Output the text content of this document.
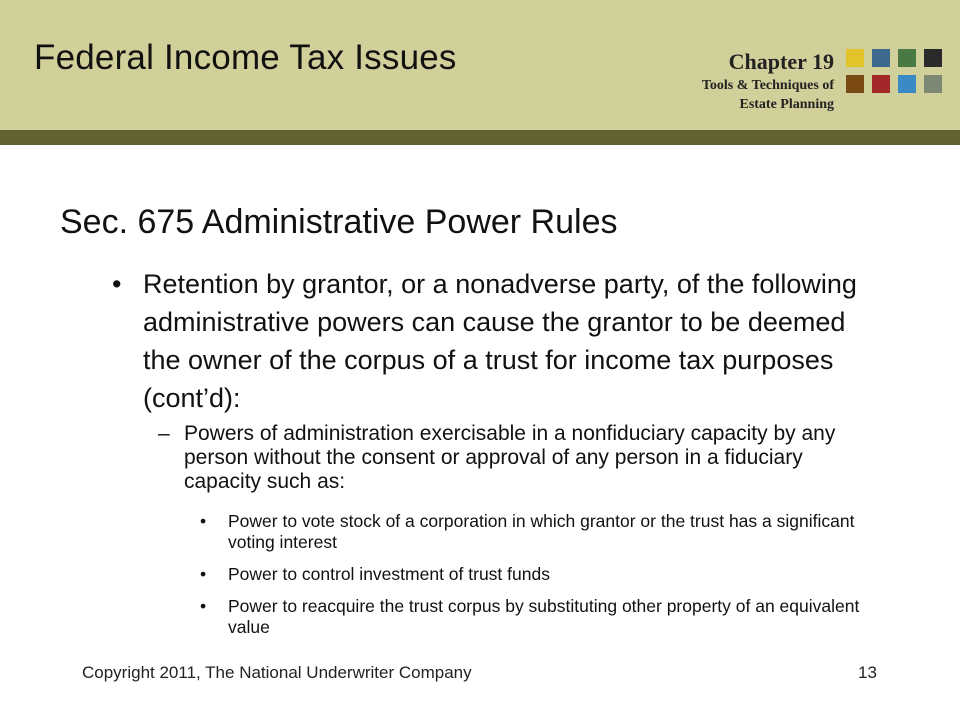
Federal Income Tax Issues	Chapter 19
Tools & Techniques of
Estate Planning
Sec. 675 Administrative Power Rules
• Retention by grantor, or a nonadverse party, of the following administrative powers can cause the grantor to be deemed the owner of the corpus of a trust for income tax purposes (cont’d):
– Powers of administration exercisable in a nonfiduciary capacity by any person without the consent or approval of any person in a fiduciary capacity such as:
• Power to vote stock of a corporation in which grantor or the trust has a significant voting interest
• Power to control investment of trust funds
• Power to reacquire the trust corpus by substituting other property of an equivalent value
Copyright 2011, The National Underwriter Company	13
